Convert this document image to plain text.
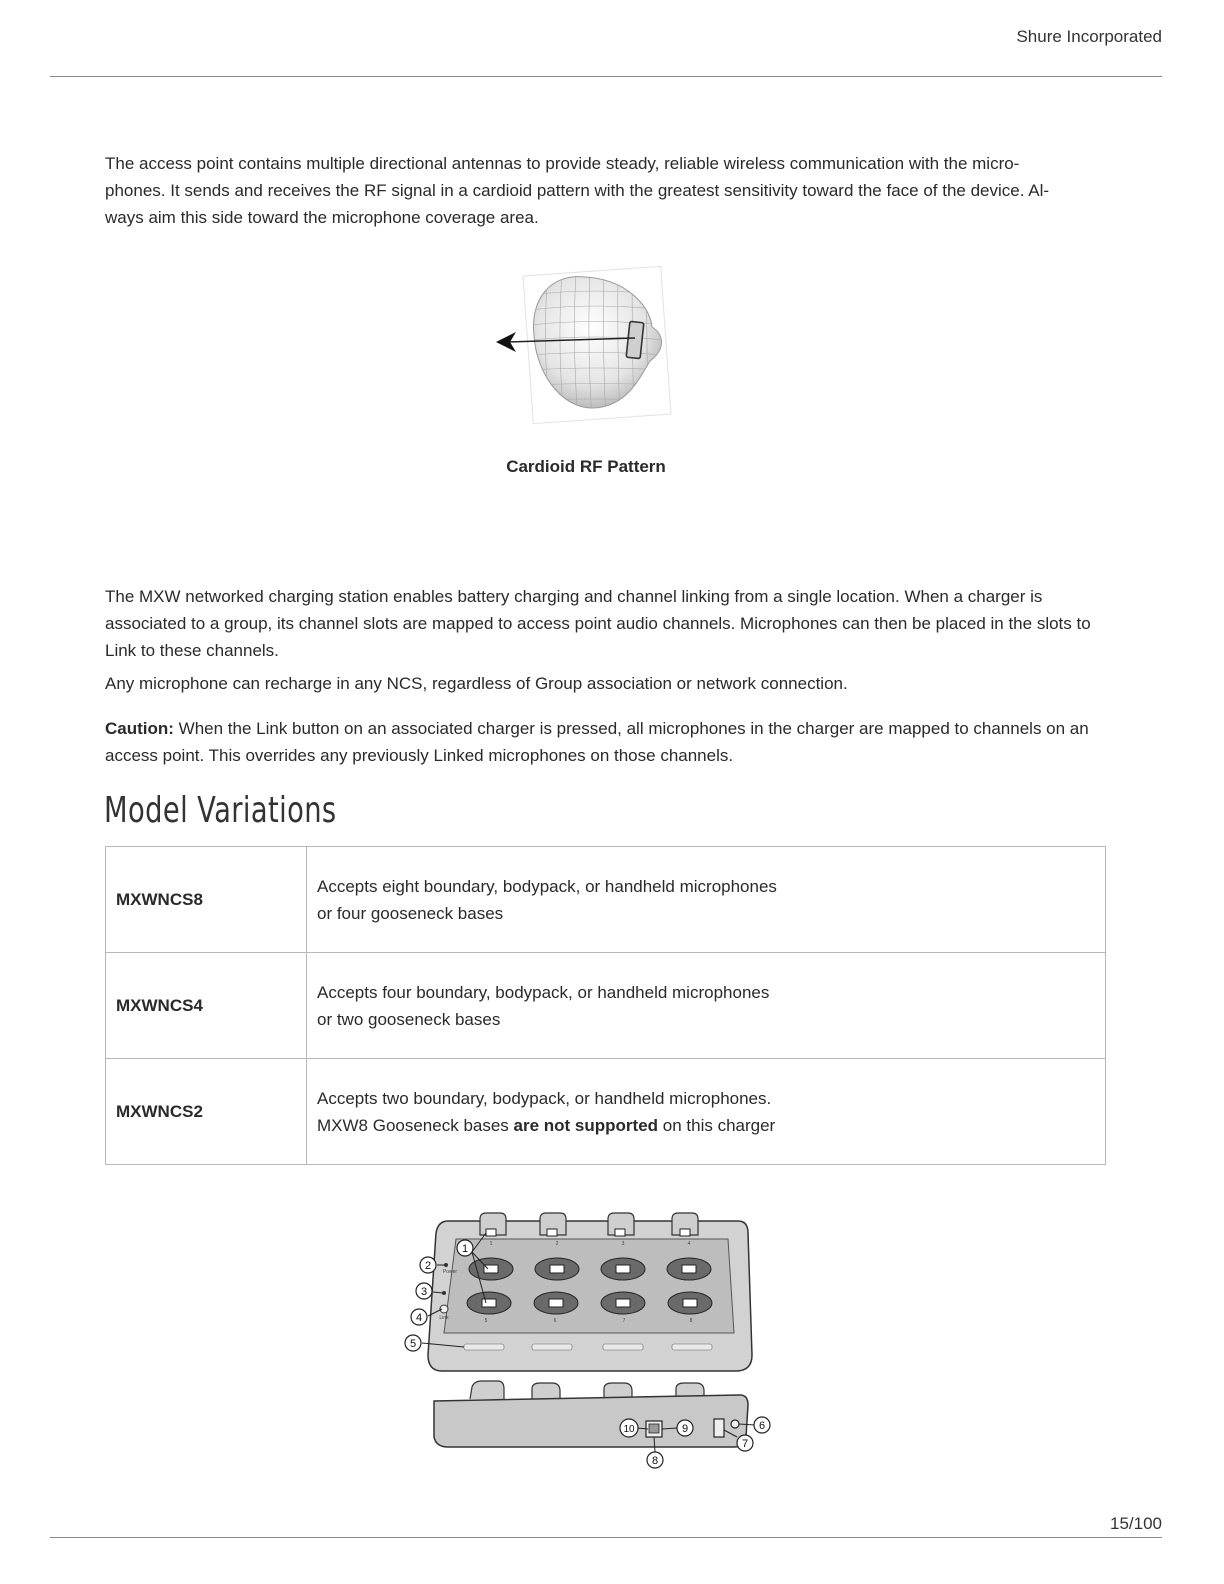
Shure Incorporated

The access point contains multiple directional antennas to provide steady, reliable wireless communication with the micro-
phones. It sends and receives the RF signal in a cardioid pattern with the greatest sensitivity toward the face of the device. Al-
ways aim this side toward the microphone coverage area.

Cardioid RF Pattern

The MXW networked charging station enables battery charging and channel linking from a single location. When a charger is associated to a group, its channel slots are mapped to access point audio channels. Microphones can then be placed in the slots to Link to these channels.

Any microphone can recharge in any NCS, regardless of Group association or network connection.

Caution: When the Link button on an associated charger is pressed, all microphones in the charger are mapped to channels on an access point. This overrides any previously Linked microphones on those channels.

Model Variations
MXWNCS8	Accepts eight boundary, bodypack, or handheld microphones
or four gooseneck bases
MXWNCS4	Accepts four boundary, bodypack, or handheld microphones
or two gooseneck bases
MXWNCS2	Accepts two boundary, bodypack, or handheld microphones.
MXW8 Gooseneck bases are not supported on this charger
1	2	3	4
5	6	7	8
Power
Link
1
2
3
4
5
6
7
8
9
10
15/100
